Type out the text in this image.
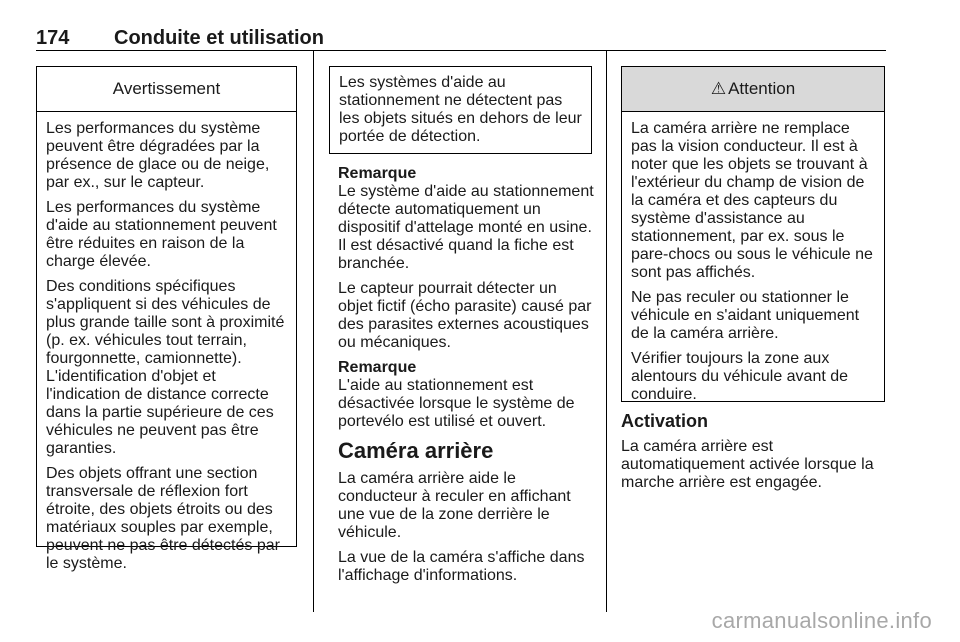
174 Conduite et utilisation
Avertissement

Les performances du système peuvent être dégradées par la présence de glace ou de neige, par ex., sur le capteur.

Les performances du système d'aide au stationnement peuvent être réduites en raison de la charge élevée.

Des conditions spécifiques s'appliquent si des véhicules de plus grande taille sont à proximité (p. ex. véhicules tout terrain, fourgonnette, camionnette). L'identification d'objet et l'indication de distance correcte dans la partie supérieure de ces véhicules ne peuvent pas être garanties.

Des objets offrant une section transversale de réflexion fort étroite, des objets étroits ou des matériaux souples par exemple, peuvent ne pas être détectés par le système.

Les systèmes d'aide au stationnement ne détectent pas les objets situés en dehors de leur portée de détection.

Remarque

Le système d'aide au stationnement détecte automatiquement un dispositif d'attelage monté en usine. Il est désactivé quand la fiche est branchée.

Le capteur pourrait détecter un objet fictif (écho parasite) causé par des parasites externes acoustiques ou mécaniques.

Remarque

L'aide au stationnement est désactivée lorsque le système de portevélo est utilisé et ouvert.

Caméra arrière

La caméra arrière aide le conducteur à reculer en affichant une vue de la zone derrière le véhicule.

La vue de la caméra s'affiche dans l'affichage d'informations.

⚠ Attention

La caméra arrière ne remplace pas la vision conducteur. Il est à noter que les objets se trouvant à l'extérieur du champ de vision de la caméra et des capteurs du système d'assistance au stationnement, par ex. sous le pare-chocs ou sous le véhicule ne sont pas affichés.

Ne pas reculer ou stationner le véhicule en s'aidant uniquement de la caméra arrière.

Vérifier toujours la zone aux alentours du véhicule avant de conduire.

Activation

La caméra arrière est automatiquement activée lorsque la marche arrière est engagée.

carmanualsonline.info
